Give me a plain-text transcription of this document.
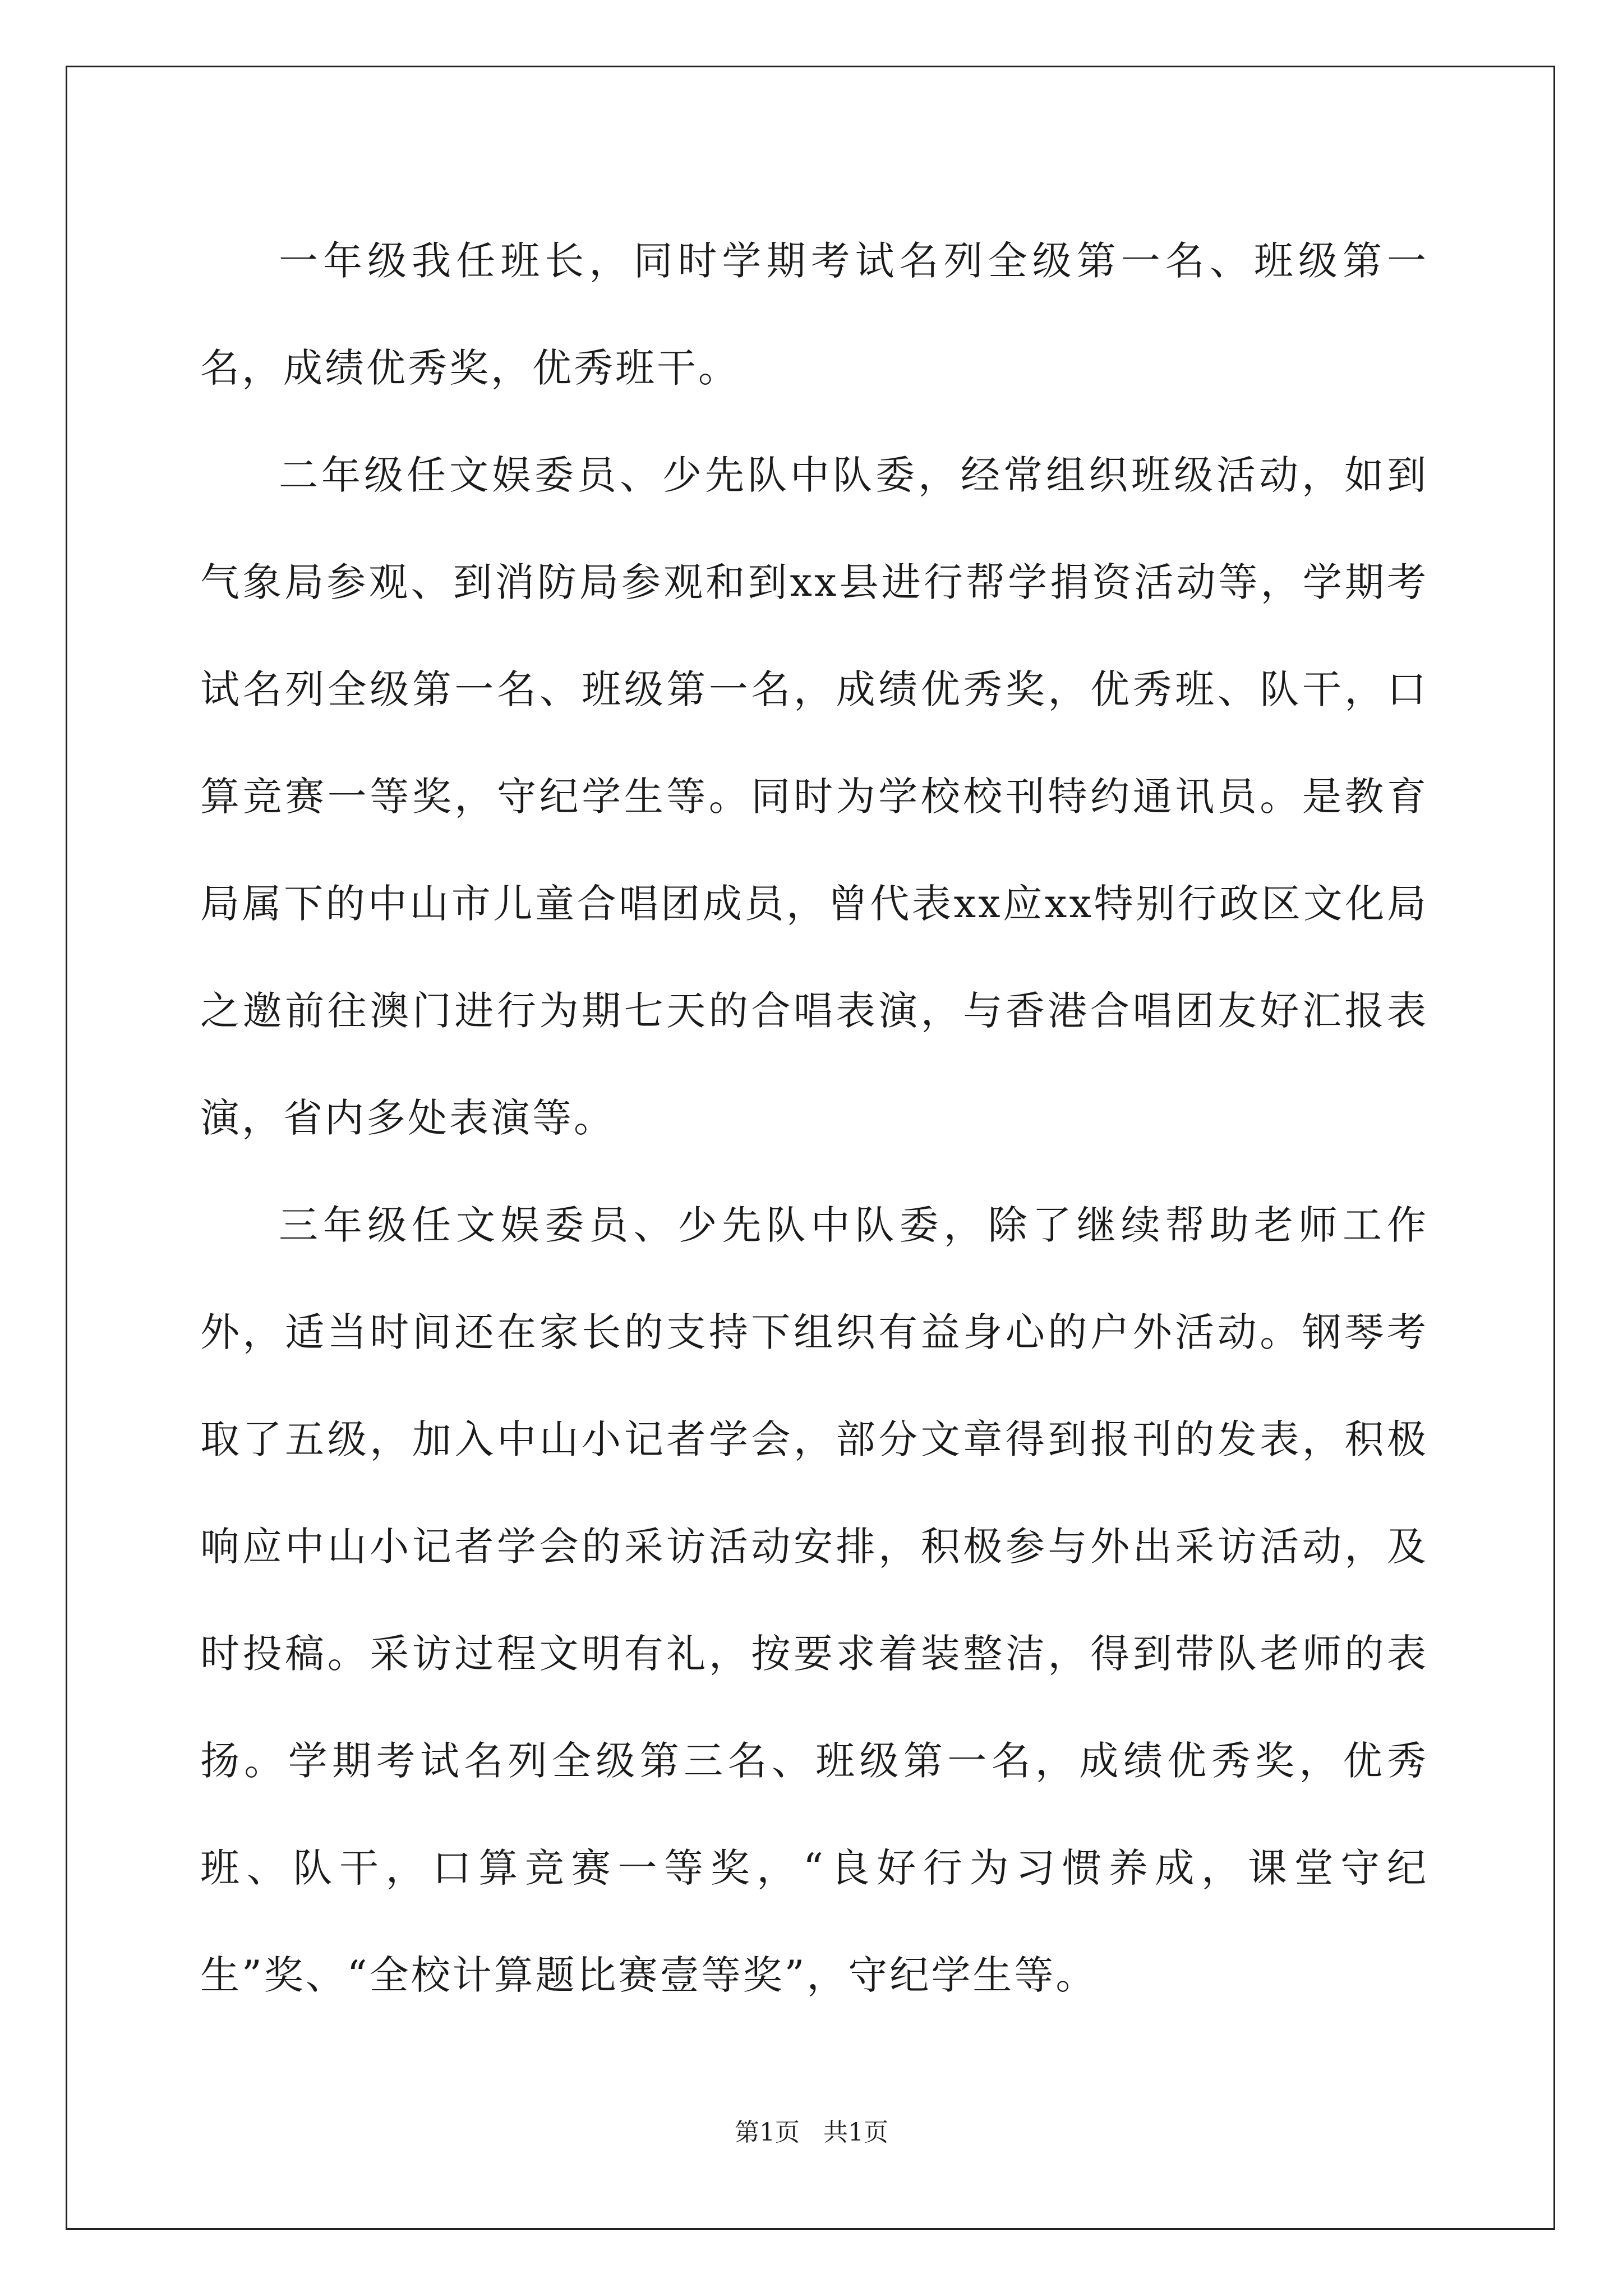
一年级我任班长，同时学期考试名列全级第一名、班级第一名，成绩优秀奖，优秀班干。

二年级任文娱委员、少先队中队委，经常组织班级活动，如到气象局参观、到消防局参观和到xx县进行帮学捐资活动等，学期考试名列全级第一名、班级第一名，成绩优秀奖，优秀班、队干，口算竞赛一等奖，守纪学生等。同时为学校校刊特约通讯员。是教育局属下的中山市儿童合唱团成员，曾代表xx应xx特别行政区文化局之邀前往澳门进行为期七天的合唱表演，与香港合唱团友好汇报表演，省内多处表演等。

三年级任文娱委员、少先队中队委，除了继续帮助老师工作外，适当时间还在家长的支持下组织有益身心的户外活动。钢琴考取了五级，加入中山小记者学会，部分文章得到报刊的发表，积极响应中山小记者学会的采访活动安排，积极参与外出采访活动，及时投稿。采访过程文明有礼，按要求着装整洁，得到带队老师的表扬。学期考试名列全级第三名、班级第一名，成绩优秀奖，优秀班、队干，口算竞赛一等奖，“良好行为习惯养成，课堂守纪生”奖、“全校计算题比赛壹等奖”，守纪学生等。

第1页   共1页
